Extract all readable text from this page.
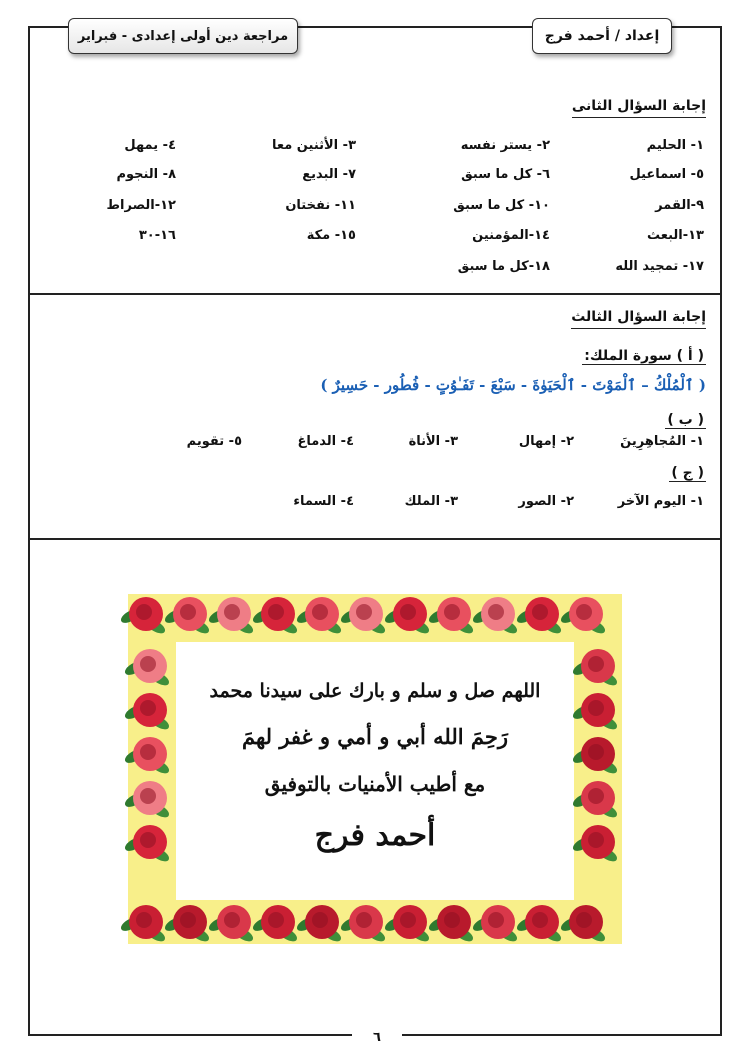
إعداد / أحمد فرج
مراجعة دين أولى إعدادى - فبراير
إجابة السؤال الثانى
١- الحليم
٢- يستر نفسه
٣- الأثنين معا
٤- يمهل
٥- اسماعيل
٦- كل ما سبق
٧- البديع
٨- النجوم
٩-القمر
١٠- كل ما سبق
١١- نفختان
١٢-الصراط
١٣-البعث
١٤-المؤمنين
١٥- مكة
١٦-٣٠
١٧- تمجيد الله
١٨-كل ما سبق
إجابة السؤال الثالث
( أ ) سورة الملك:
( ٱلْمُلْكُ – ٱلْمَوْتَ - ٱلْحَيَوٰةَ - سَبْعَ - تَفَـٰوُتٍ - فُطُور - حَسِيرٌ )
( ب )
١- المُجاهِرِينَ
٢- إمهال
٣- الأناة
٤- الدماغ
٥- تقويم
( ج )
١- اليوم الآخر
٢- الصور
٣- الملك
٤- السماء
اللهم صل و سلم و بارك على سيدنا محمد
رَحِمَ الله أبي و أمي و غفر لهمَ
مع أطيب الأمنيات بالتوفيق
أحمد فرج
٦
